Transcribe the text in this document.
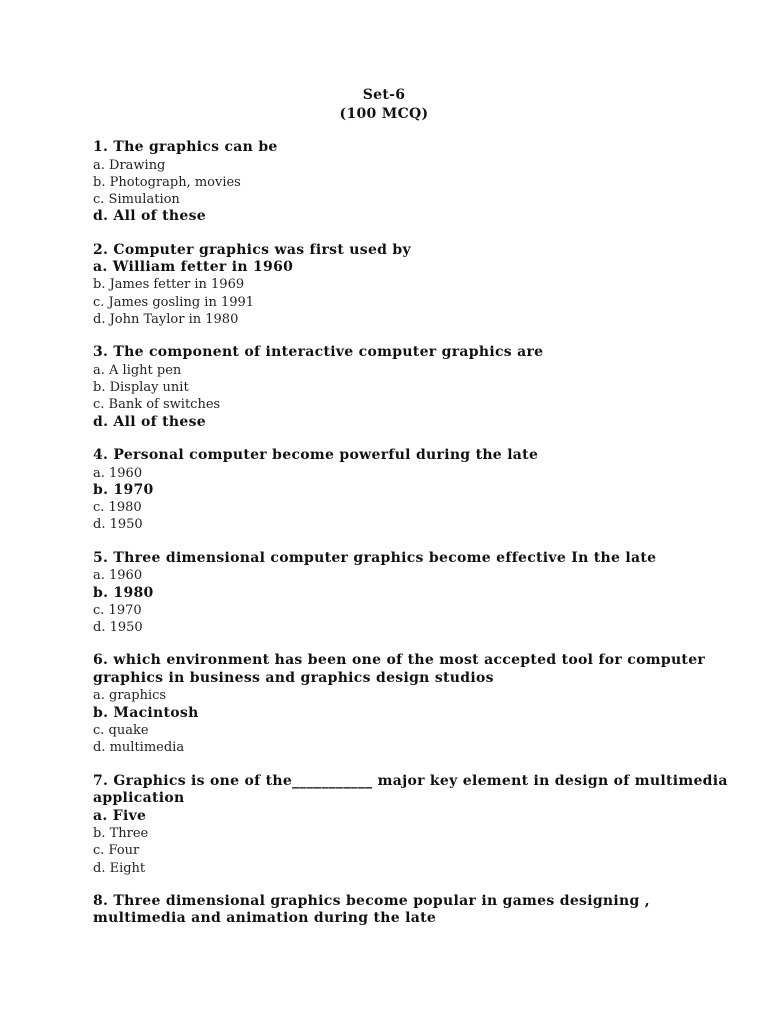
Set-6
(100 MCQ)
1. The graphics can be
a. Drawing
b. Photograph, movies
c. Simulation
d. All of these
2. Computer graphics was first used by
a. William fetter in 1960
b. James fetter in 1969
c. James gosling in 1991
d. John Taylor in 1980
3. The component of interactive computer graphics are
a. A light pen
b. Display unit
c. Bank of switches
d. All of these
4. Personal computer become powerful during the late
a. 1960
b. 1970
c. 1980
d. 1950
5. Three dimensional computer graphics become effective In the late
a. 1960
b. 1980
c. 1970
d. 1950
6. which environment has been one of the most accepted tool for computer graphics in business and graphics design studios
a. graphics
b. Macintosh
c. quake
d. multimedia
7. Graphics is one of the___________ major key element in design of multimedia application
a. Five
b. Three
c. Four
d. Eight
8. Three dimensional graphics become popular in games designing , multimedia and animation during the late
